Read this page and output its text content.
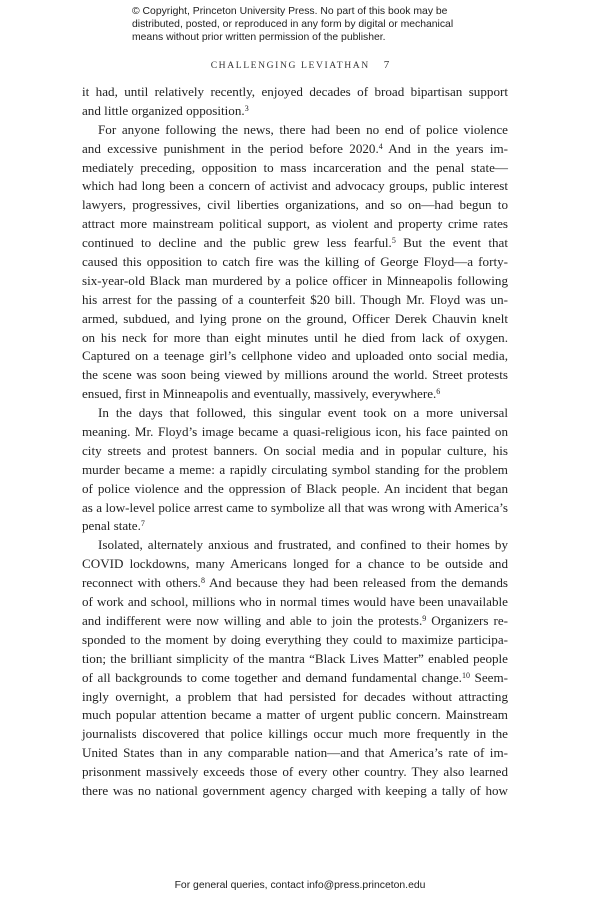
© Copyright, Princeton University Press. No part of this book may be
distributed, posted, or reproduced in any form by digital or mechanical
means without prior written permission of the publisher.
CHALLENGING LEVIATHAN 7
it had, until relatively recently, enjoyed decades of broad bipartisan support
and little organized opposition.$^3$
For anyone following the news, there had been no end of police violence
and excessive punishment in the period before 2020.$^4$ And in the years im-
mediately preceding, opposition to mass incarceration and the penal state—
which had long been a concern of activist and advocacy groups, public interest
lawyers, progressives, civil liberties organizations, and so on—had begun to
attract more mainstream political support, as violent and property crime rates
continued to decline and the public grew less fearful.$^5$ But the event that
caused this opposition to catch fire was the killing of George Floyd—a forty-
six-year-old Black man murdered by a police officer in Minneapolis following
his arrest for the passing of a counterfeit $20 bill. Though Mr. Floyd was un-
armed, subdued, and lying prone on the ground, Officer Derek Chauvin knelt
on his neck for more than eight minutes until he died from lack of oxygen.
Captured on a teenage girl’s cellphone video and uploaded onto social media,
the scene was soon being viewed by millions around the world. Street protests
ensued, first in Minneapolis and eventually, massively, everywhere.$^6$
In the days that followed, this singular event took on a more universal
meaning. Mr. Floyd’s image became a quasi-religious icon, his face painted on
city streets and protest banners. On social media and in popular culture, his
murder became a meme: a rapidly circulating symbol standing for the problem
of police violence and the oppression of Black people. An incident that began
as a low-level police arrest came to symbolize all that was wrong with America’s
penal state.$^7$
Isolated, alternately anxious and frustrated, and confined to their homes by
COVID lockdowns, many Americans longed for a chance to be outside and
reconnect with others.$^8$ And because they had been released from the demands
of work and school, millions who in normal times would have been unavailable
and indifferent were now willing and able to join the protests.$^9$ Organizers re-
sponded to the moment by doing everything they could to maximize participa-
tion; the brilliant simplicity of the mantra “Black Lives Matter” enabled people
of all backgrounds to come together and demand fundamental change.$^{10}$ Seem-
ingly overnight, a problem that had persisted for decades without attracting
much popular attention became a matter of urgent public concern. Mainstream
journalists discovered that police killings occur much more frequently in the
United States than in any comparable nation—and that America’s rate of im-
prisonment massively exceeds those of every other country. They also learned
there was no national government agency charged with keeping a tally of how
For general queries, contact info@press.princeton.edu
